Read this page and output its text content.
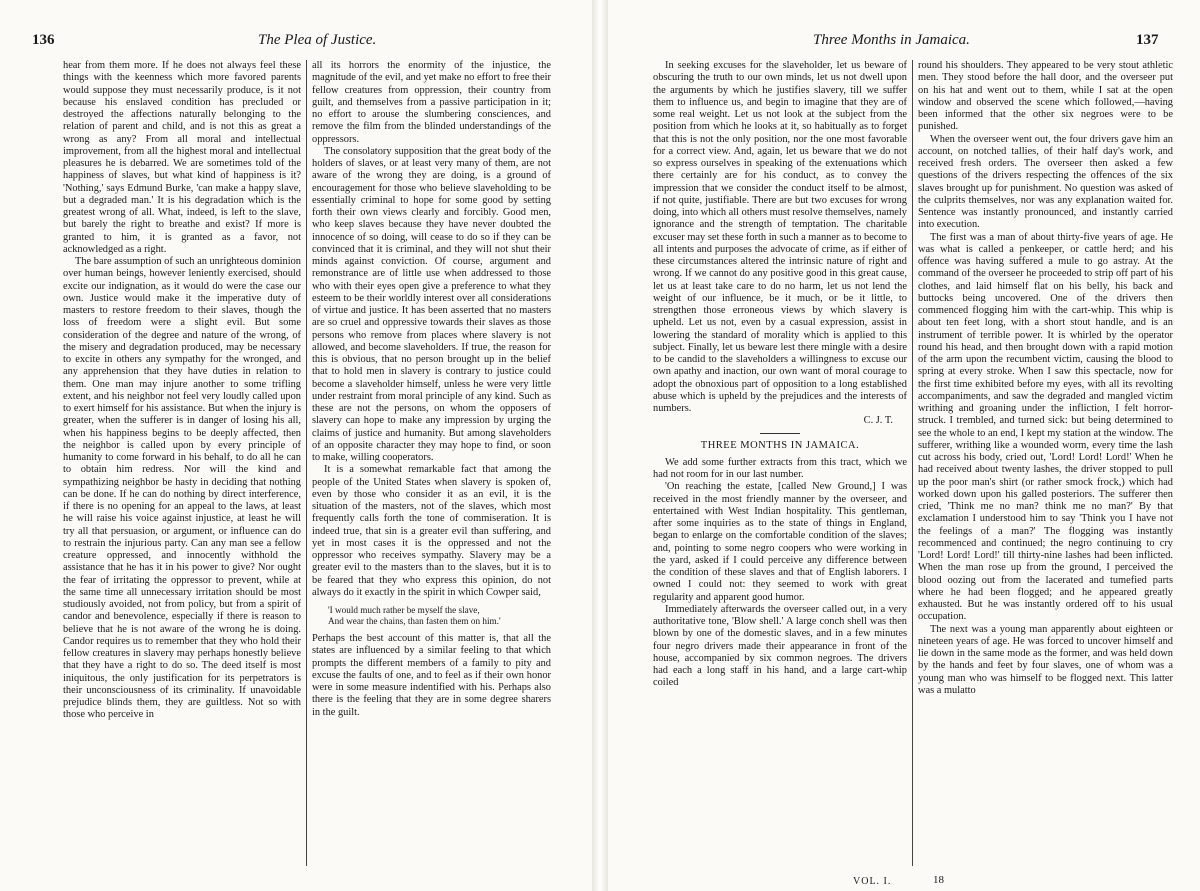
136	The Plea of Justice.

hear from them more. If he does not always feel these things with the keenness which more favored parents would suppose they must necessarily produce, is it not because his enslaved condition has precluded or destroyed the affections naturally belonging to the relation of parent and child, and is not this as great a wrong as any? From all moral and intellectual improvement, from all the highest moral and intellectual pleasures he is debarred. We are sometimes told of the happiness of slaves, but what kind of happiness is it? 'Nothing,' says Edmund Burke, 'can make a happy slave, but a degraded man.' It is his degradation which is the greatest wrong of all. What, indeed, is left to the slave, but barely the right to breathe and exist? If more is granted to him, it is granted as a favor, not acknowledged as a right.

The bare assumption of such an unrighteous dominion over human beings, however leniently exercised, should excite our indignation, as it would do were the case our own. Justice would make it the imperative duty of masters to restore freedom to their slaves, though the loss of freedom were a slight evil. But some consideration of the degree and nature of the wrong, of the misery and degradation produced, may be necessary to excite in others any sympathy for the wronged, and any apprehension that they have duties in relation to them. One man may injure another to some trifling extent, and his neighbor not feel very loudly called upon to exert himself for his assistance. But when the injury is greater, when the sufferer is in danger of losing his all, when his happiness begins to be deeply affected, then the neighbor is called upon by every principle of humanity to come forward in his behalf, to do all he can to obtain him redress. Nor will the kind and sympathizing neighbor be hasty in deciding that nothing can be done. If he can do nothing by direct interference, if there is no opening for an appeal to the laws, at least he will raise his voice against injustice, at least he will try all that persuasion, or argument, or influence can do to restrain the injurious party. Can any man see a fellow creature oppressed, and innocently withhold the assistance that he has it in his power to give? Nor ought the fear of irritating the oppressor to prevent, while at the same time all unnecessary irritation should be most studiously avoided, not from policy, but from a spirit of candor and benevolence, especially if there is reason to believe that he is not aware of the wrong he is doing. Candor requires us to remember that they who hold their fellow creatures in slavery may perhaps honestly believe that they have a right to do so. The deed itself is most iniquitous, the only justification for its perpetrators is their unconsciousness of its criminality. If unavoidable prejudice blinds them, they are guiltless. Not so with those who perceive in

all its horrors the enormity of the injustice, the magnitude of the evil, and yet make no effort to free their fellow creatures from oppression, their country from guilt, and themselves from a passive participation in it; no effort to arouse the slumbering consciences, and remove the film from the blinded understandings of the oppressors.

The consolatory supposition that the great body of the holders of slaves, or at least very many of them, are not aware of the wrong they are doing, is a ground of encouragement for those who believe slaveholding to be essentially criminal to hope for some good by setting forth their own views clearly and forcibly. Good men, who keep slaves because they have never doubted the innocence of so doing, will cease to do so if they can be convinced that it is criminal, and they will not shut their minds against conviction. Of course, argument and remonstrance are of little use when addressed to those who with their eyes open give a preference to what they esteem to be their worldly interest over all considerations of virtue and justice. It has been asserted that no masters are so cruel and oppressive towards their slaves as those persons who remove from places where slavery is not allowed, and become slaveholders. If true, the reason for this is obvious, that no person brought up in the belief that to hold men in slavery is contrary to justice could become a slaveholder himself, unless he were very little under restraint from moral principle of any kind. Such as these are not the persons, on whom the opposers of slavery can hope to make any impression by urging the claims of justice and humanity. But among slaveholders of an opposite character they may hope to find, or soon to make, willing cooperators.

It is a somewhat remarkable fact that among the people of the United States when slavery is spoken of, even by those who consider it as an evil, it is the situation of the masters, not of the slaves, which most frequently calls forth the tone of commiseration. It is indeed true, that sin is a greater evil than suffering, and yet in most cases it is the oppressed and not the oppressor who receives sympathy. Slavery may be a greater evil to the masters than to the slaves, but it is to be feared that they who express this opinion, do not always do it exactly in the spirit in which Cowper said,

'I would much rather be myself the slave,
And wear the chains, than fasten them on him.'

Perhaps the best account of this matter is, that all the states are influenced by a similar feeling to that which prompts the different members of a family to pity and excuse the faults of one, and to feel as if their own honor were in some measure indentified with his. Perhaps also there is the feeling that they are in some degree sharers in the guilt.

Three Months in Jamaica.	137

In seeking excuses for the slaveholder, let us beware of obscuring the truth to our own minds, let us not dwell upon the arguments by which he justifies slavery, till we suffer them to influence us, and begin to imagine that they are of some real weight. Let us not look at the subject from the position from which he looks at it, so habitually as to forget that this is not the only position, nor the one most favorable for a correct view. And, again, let us beware that we do not so express ourselves in speaking of the extenuations which there certainly are for his conduct, as to convey the impression that we consider the conduct itself to be almost, if not quite, justifiable. There are but two excuses for wrong doing, into which all others must resolve themselves, namely ignorance and the strength of temptation. The charitable excuser may set these forth in such a manner as to become to all intents and purposes the advocate of crime, as if either of these circumstances altered the intrinsic nature of right and wrong. If we cannot do any positive good in this great cause, let us at least take care to do no harm, let us not lend the weight of our influence, be it much, or be it little, to strengthen those erroneous views by which slavery is upheld. Let us not, even by a casual expression, assist in lowering the standard of morality which is applied to this subject. Finally, let us beware lest there mingle with a desire to be candid to the slaveholders a willingness to excuse our own apathy and inaction, our own want of moral courage to adopt the obnoxious part of opposition to a long established abuse which is upheld by the prejudices and the interests of numbers.

C. J. T.

THREE MONTHS IN JAMAICA.

We add some further extracts from this tract, which we had not room for in our last number.

'On reaching the estate, [called New Ground,] I was received in the most friendly manner by the overseer, and entertained with West Indian hospitality. This gentleman, after some inquiries as to the state of things in England, began to enlarge on the comfortable condition of the slaves; and, pointing to some negro coopers who were working in the yard, asked if I could perceive any difference between the condition of these slaves and that of English laborers. I owned I could not: they seemed to work with great regularity and apparent good humor.

Immediately afterwards the overseer called out, in a very authoritative tone, 'Blow shell.' A large conch shell was then blown by one of the domestic slaves, and in a few minutes four negro drivers made their appearance in front of the house, accompanied by six common negroes. The drivers had each a long staff in his hand, and a large cart-whip coiled

round his shoulders. They appeared to be very stout athletic men. They stood before the hall door, and the overseer put on his hat and went out to them, while I sat at the open window and observed the scene which followed,—having been informed that the other six negroes were to be punished.

When the overseer went out, the four drivers gave him an account, on notched tallies, of their half day's work, and received fresh orders. The overseer then asked a few questions of the drivers respecting the offences of the six slaves brought up for punishment. No question was asked of the culprits themselves, nor was any explanation waited for. Sentence was instantly pronounced, and instantly carried into execution.

The first was a man of about thirty-five years of age. He was what is called a penkeeper, or cattle herd; and his offence was having suffered a mule to go astray. At the command of the overseer he proceeded to strip off part of his clothes, and laid himself flat on his belly, his back and buttocks being uncovered. One of the drivers then commenced flogging him with the cart-whip. This whip is about ten feet long, with a short stout handle, and is an instrument of terrible power. It is whirled by the operator round his head, and then brought down with a rapid motion of the arm upon the recumbent victim, causing the blood to spring at every stroke. When I saw this spectacle, now for the first time exhibited before my eyes, with all its revolting accompaniments, and saw the degraded and mangled victim writhing and groaning under the infliction, I felt horror-struck. I trembled, and turned sick: but being determined to see the whole to an end, I kept my station at the window. The sufferer, writhing like a wounded worm, every time the lash cut across his body, cried out, 'Lord! Lord! Lord!' When he had received about twenty lashes, the driver stopped to pull up the poor man's shirt (or rather smock frock,) which had worked down upon his galled posteriors. The sufferer then cried, 'Think me no man? think me no man?' By that exclamation I understood him to say 'Think you I have not the feelings of a man?' The flogging was instantly recommenced and continued; the negro continuing to cry 'Lord! Lord! Lord!' till thirty-nine lashes had been inflicted. When the man rose up from the ground, I perceived the blood oozing out from the lacerated and tumefied parts where he had been flogged; and he appeared greatly exhausted. But he was instantly ordered off to his usual occupation.

The next was a young man apparently about eighteen or nineteen years of age. He was forced to uncover himself and lie down in the same mode as the former, and was held down by the hands and feet by four slaves, one of whom was a young man who was himself to be flogged next. This latter was a mulatto

VOL. I.	18
